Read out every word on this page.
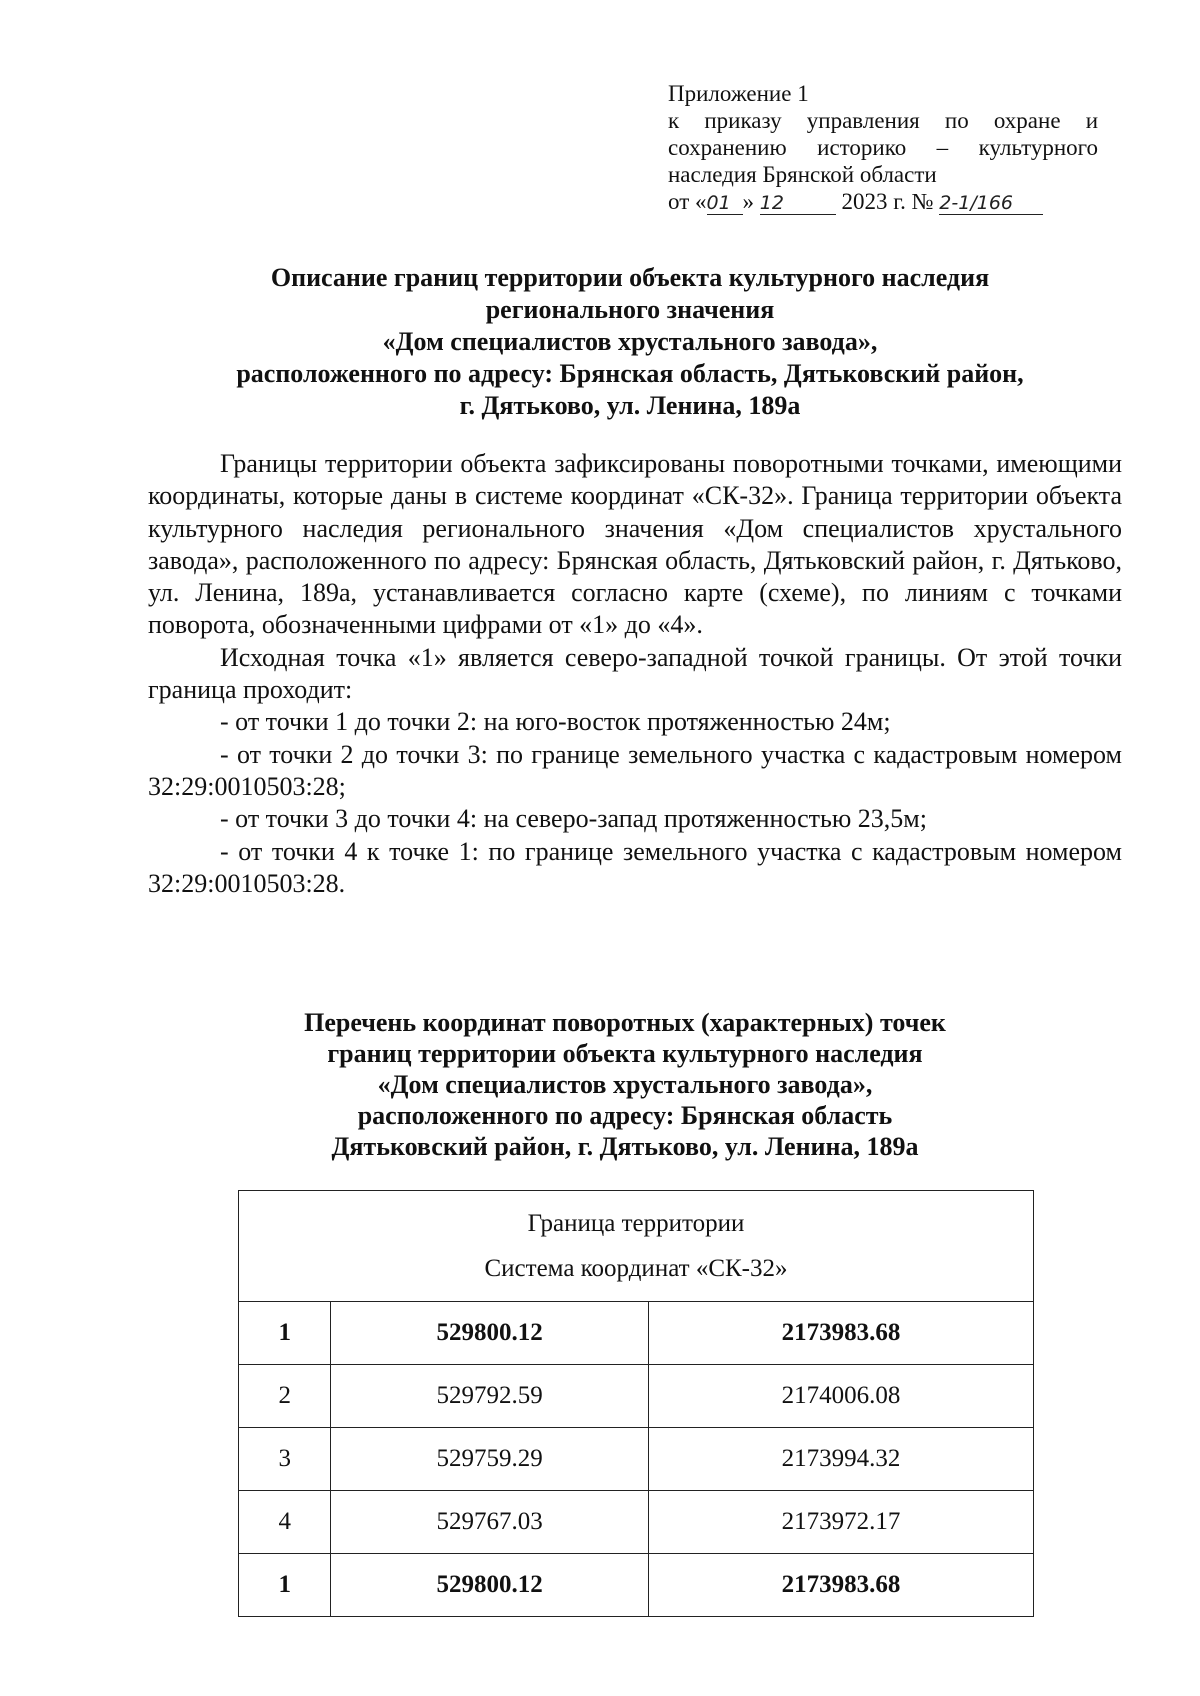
Приложение 1
к приказу управления по охране и
сохранению историко – культурного
наследия Брянской области
от «01 » 12	2023 г. № 2-1/166
Описание границ территории объекта культурного наследия
регионального значения
«Дом специалистов хрустального завода»,
расположенного по адресу: Брянская область, Дятьковский район,
г. Дятьково, ул. Ленина, 189а

Границы территории объекта зафиксированы поворотными точками, имеющими координаты, которые даны в системе координат «СК-32». Граница территории объекта культурного наследия регионального значения «Дом специалистов хрустального завода», расположенного по адресу: Брянская область, Дятьковский район, г. Дятьково, ул. Ленина, 189а, устанавливается согласно карте (схеме), по линиям с точками поворота, обозначенными цифрами от «1» до «4».

Исходная точка «1» является северо-западной точкой границы. От этой точки граница проходит:

- от точки 1 до точки 2: на юго-восток протяженностью 24м;

- от точки 2 до точки 3: по границе земельного участка с кадастровым номером 32:29:0010503:28;

- от точки 3 до точки 4: на северо-запад протяженностью 23,5м;

- от точки 4 к точке 1: по границе земельного участка с кадастровым номером 32:29:0010503:28.

Перечень координат поворотных (характерных) точек
границ территории объекта культурного наследия
«Дом специалистов хрустального завода»,
расположенного по адресу: Брянская область
Дятьковский район, г. Дятьково, ул. Ленина, 189а
Граница территории
Система координат «СК-32»		

1	529800.12	2173983.68
2	529792.59	2174006.08
3	529759.29	2173994.32
4	529767.03	2173972.17
1	529800.12	2173983.68
